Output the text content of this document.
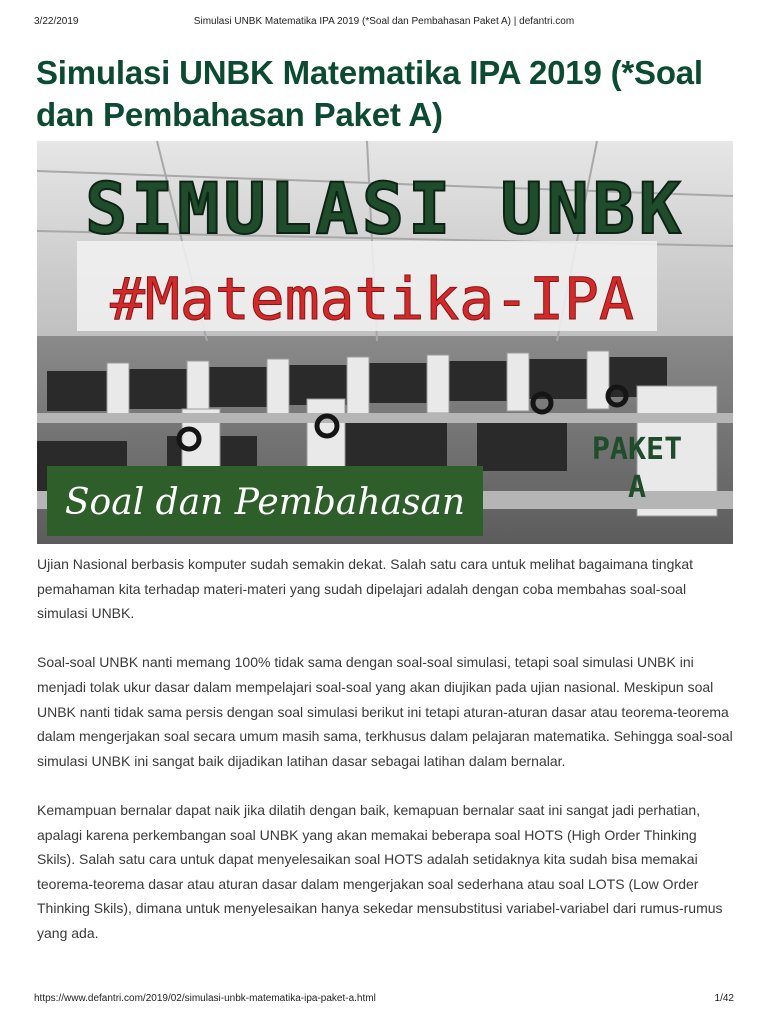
3/22/2019	Simulasi UNBK Matematika IPA 2019 (*Soal dan Pembahasan Paket A) | defantri.com
Simulasi UNBK Matematika IPA 2019 (*Soal dan Pembahasan Paket A)
SIMULASI UNBK
#Matematika-IPA
PAKET
A
Soal dan Pembahasan

Ujian Nasional berbasis komputer sudah semakin dekat. Salah satu cara untuk melihat bagaimana tingkat pemahaman kita terhadap materi-materi yang sudah dipelajari adalah dengan coba membahas soal-soal simulasi UNBK.

Soal-soal UNBK nanti memang 100% tidak sama dengan soal-soal simulasi, tetapi soal simulasi UNBK ini menjadi tolak ukur dasar dalam mempelajari soal-soal yang akan diujikan pada ujian nasional. Meskipun soal UNBK nanti tidak sama persis dengan soal simulasi berikut ini tetapi aturan-aturan dasar atau teorema-teorema dalam mengerjakan soal secara umum masih sama, terkhusus dalam pelajaran matematika. Sehingga soal-soal simulasi UNBK ini sangat baik dijadikan latihan dasar sebagai latihan dalam bernalar.

Kemampuan bernalar dapat naik jika dilatih dengan baik, kemapuan bernalar saat ini sangat jadi perhatian, apalagi karena perkembangan soal UNBK yang akan memakai beberapa soal HOTS (High Order Thinking Skils). Salah satu cara untuk dapat menyelesaikan soal HOTS adalah setidaknya kita sudah bisa memakai teorema-teorema dasar atau aturan dasar dalam mengerjakan soal sederhana atau soal LOTS (Low Order Thinking Skils), dimana untuk menyelesaikan hanya sekedar mensubstitusi variabel-variabel dari rumus-rumus yang ada.

https://www.defantri.com/2019/02/simulasi-unbk-matematika-ipa-paket-a.html	1/42
